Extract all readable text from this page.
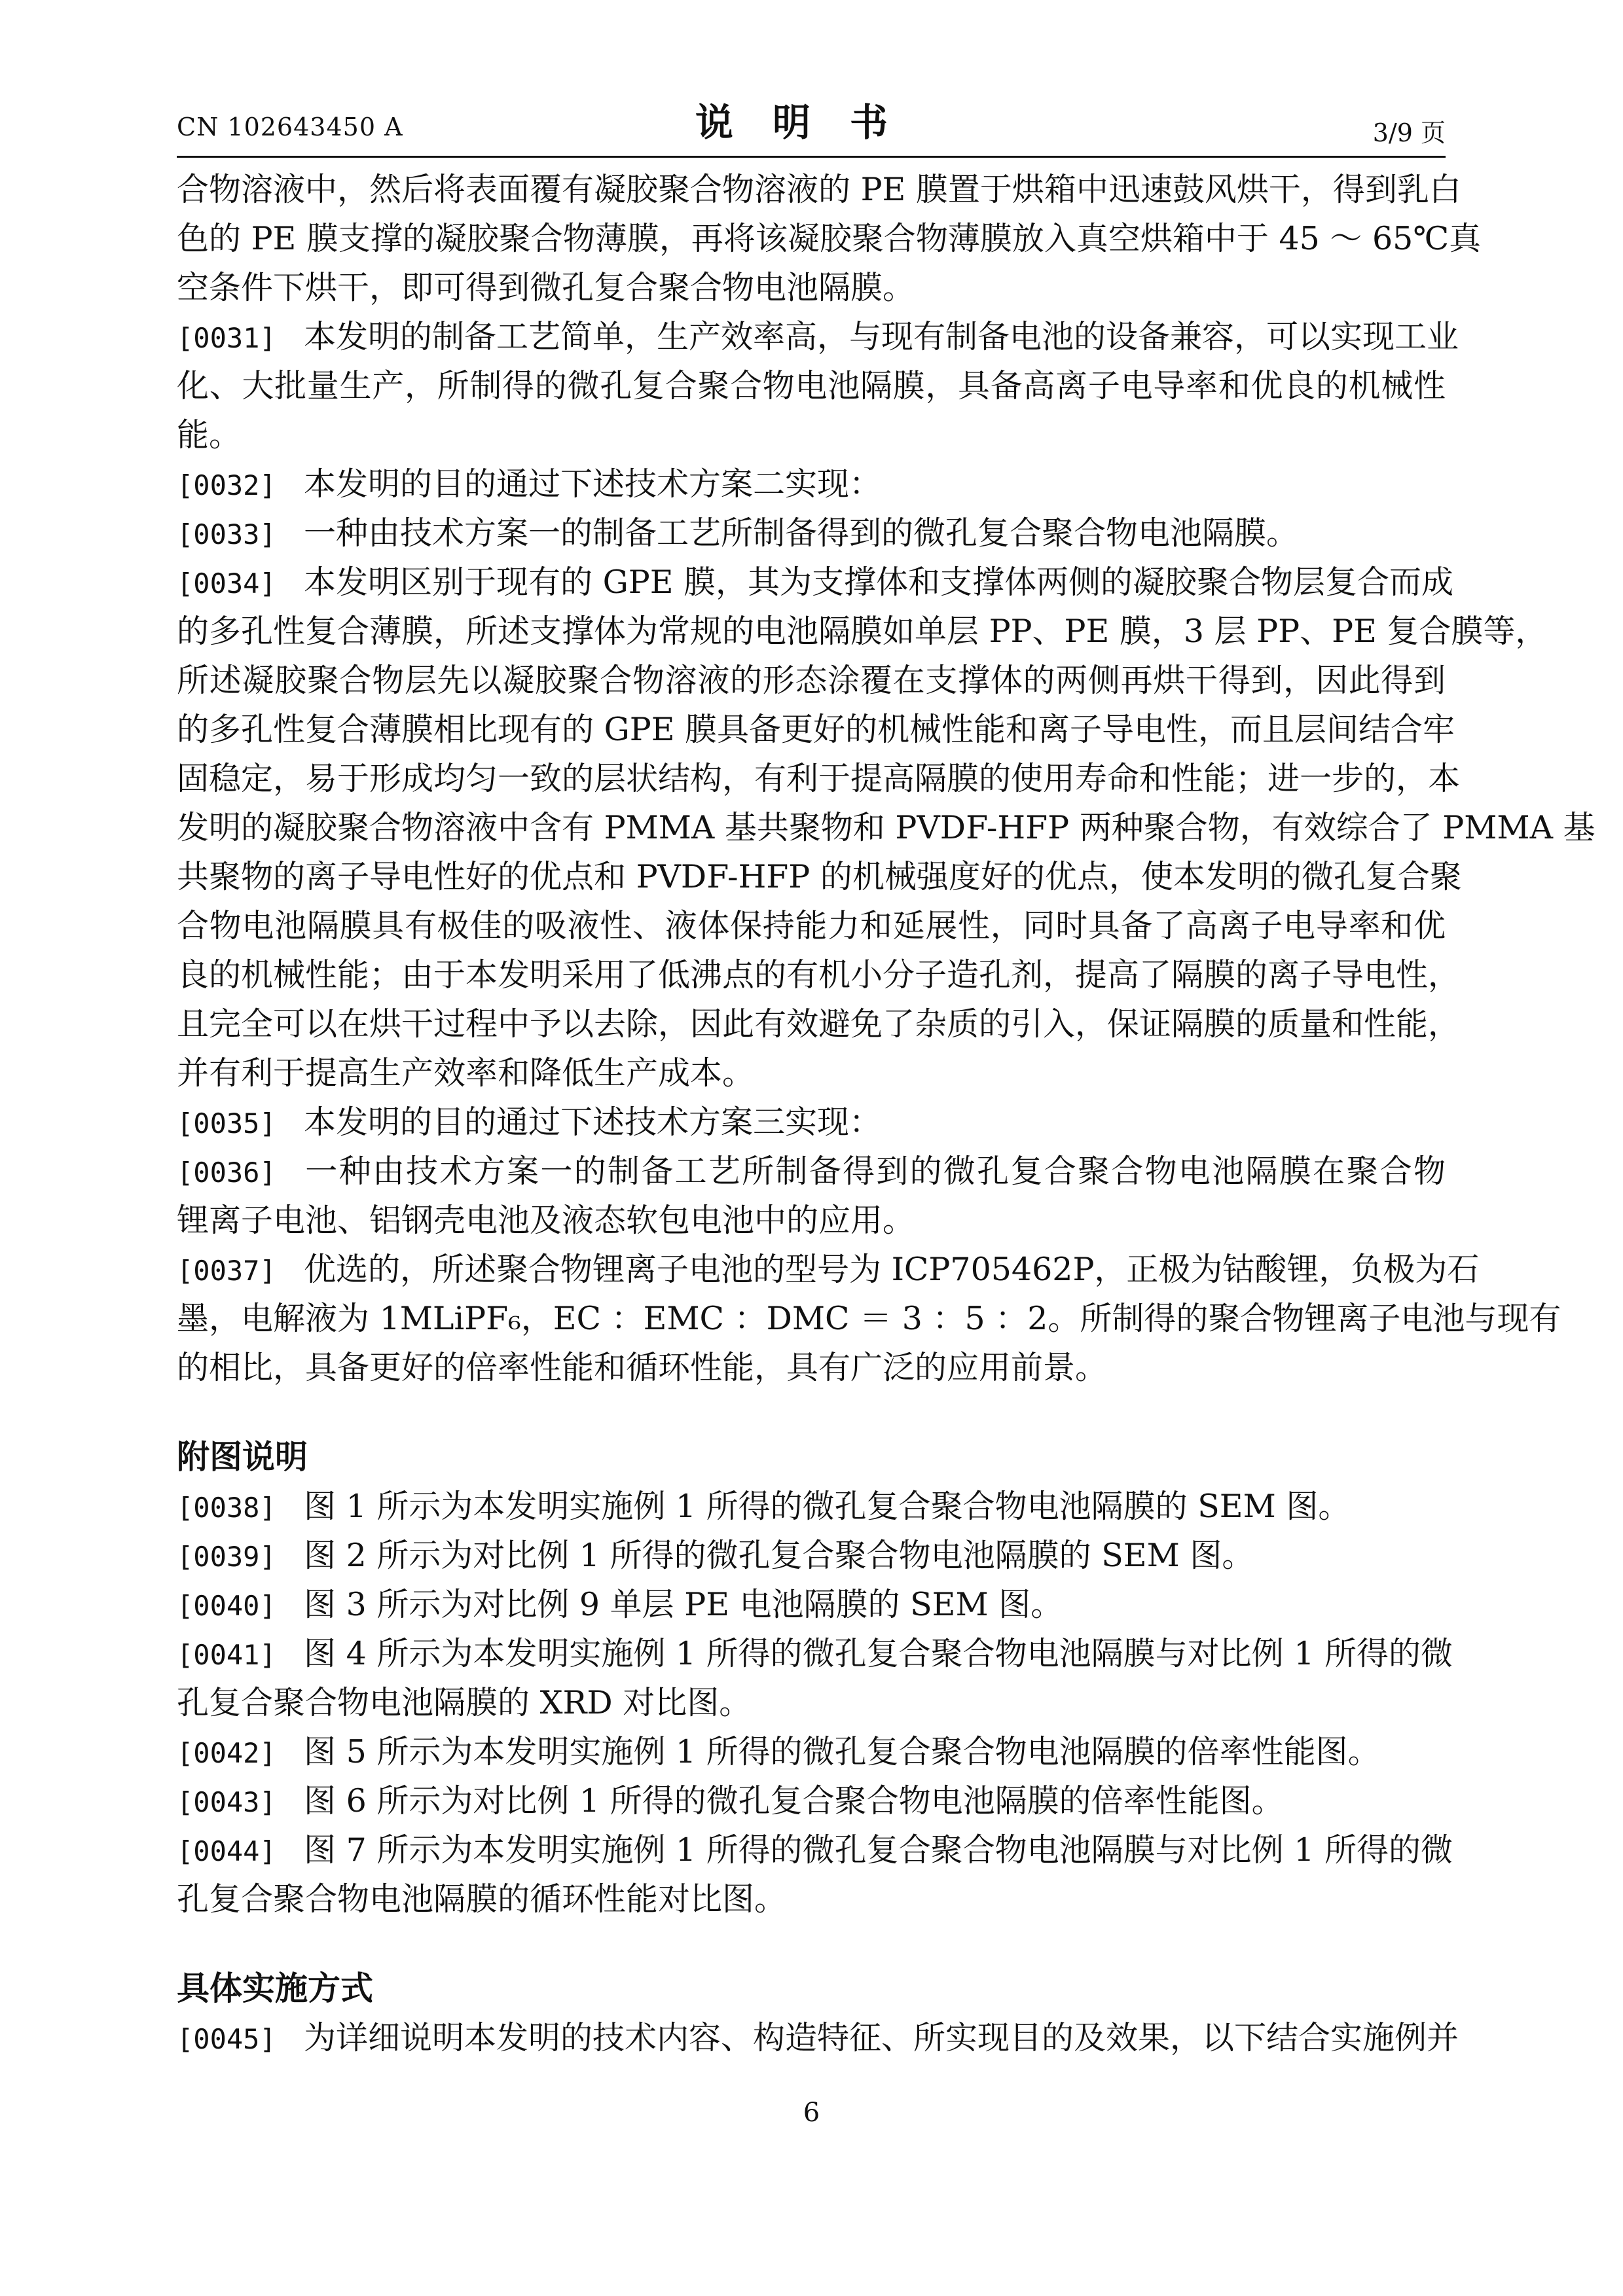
CN 102643450 A	说明书	3/9 页
合物溶液中，然后将表面覆有凝胶聚合物溶液的 PE 膜置于烘箱中迅速鼓风烘干，得到乳白
色的 PE 膜支撑的凝胶聚合物薄膜，再将该凝胶聚合物薄膜放入真空烘箱中于 45 ～ 65℃真
空条件下烘干，即可得到微孔复合聚合物电池隔膜。
[0031] 本发明的制备工艺简单，生产效率高，与现有制备电池的设备兼容，可以实现工业
化、大批量生产，所制得的微孔复合聚合物电池隔膜，具备高离子电导率和优良的机械性
能。
[0032] 本发明的目的通过下述技术方案二实现：
[0033] 一种由技术方案一的制备工艺所制备得到的微孔复合聚合物电池隔膜。
[0034] 本发明区别于现有的 GPE 膜，其为支撑体和支撑体两侧的凝胶聚合物层复合而成
的多孔性复合薄膜，所述支撑体为常规的电池隔膜如单层 PP、PE 膜，3 层 PP、PE 复合膜等，
所述凝胶聚合物层先以凝胶聚合物溶液的形态涂覆在支撑体的两侧再烘干得到，因此得到
的多孔性复合薄膜相比现有的 GPE 膜具备更好的机械性能和离子导电性，而且层间结合牢
固稳定，易于形成均匀一致的层状结构，有利于提高隔膜的使用寿命和性能；进一步的，本
发明的凝胶聚合物溶液中含有 PMMA 基共聚物和 PVDF-HFP 两种聚合物，有效综合了 PMMA 基
共聚物的离子导电性好的优点和 PVDF-HFP 的机械强度好的优点，使本发明的微孔复合聚
合物电池隔膜具有极佳的吸液性、液体保持能力和延展性，同时具备了高离子电导率和优
良的机械性能；由于本发明采用了低沸点的有机小分子造孔剂，提高了隔膜的离子导电性，
且完全可以在烘干过程中予以去除，因此有效避免了杂质的引入，保证隔膜的质量和性能，
并有利于提高生产效率和降低生产成本。
[0035] 本发明的目的通过下述技术方案三实现：
[0036] 一种由技术方案一的制备工艺所制备得到的微孔复合聚合物电池隔膜在聚合物
锂离子电池、铝钢壳电池及液态软包电池中的应用。
[0037] 优选的，所述聚合物锂离子电池的型号为 ICP705462P，正极为钴酸锂，负极为石
墨，电解液为 1MLiPF₆，EC ：EMC ：DMC ＝ 3 ：5 ：2。所制得的聚合物锂离子电池与现有
的相比，具备更好的倍率性能和循环性能，具有广泛的应用前景。
附图说明
[0038] 图 1 所示为本发明实施例 1 所得的微孔复合聚合物电池隔膜的 SEM 图。
[0039] 图 2 所示为对比例 1 所得的微孔复合聚合物电池隔膜的 SEM 图。
[0040] 图 3 所示为对比例 9 单层 PE 电池隔膜的 SEM 图。
[0041] 图 4 所示为本发明实施例 1 所得的微孔复合聚合物电池隔膜与对比例 1 所得的微
孔复合聚合物电池隔膜的 XRD 对比图。
[0042] 图 5 所示为本发明实施例 1 所得的微孔复合聚合物电池隔膜的倍率性能图。
[0043] 图 6 所示为对比例 1 所得的微孔复合聚合物电池隔膜的倍率性能图。
[0044] 图 7 所示为本发明实施例 1 所得的微孔复合聚合物电池隔膜与对比例 1 所得的微
孔复合聚合物电池隔膜的循环性能对比图。
具体实施方式
[0045] 为详细说明本发明的技术内容、构造特征、所实现目的及效果，以下结合实施例并
6
